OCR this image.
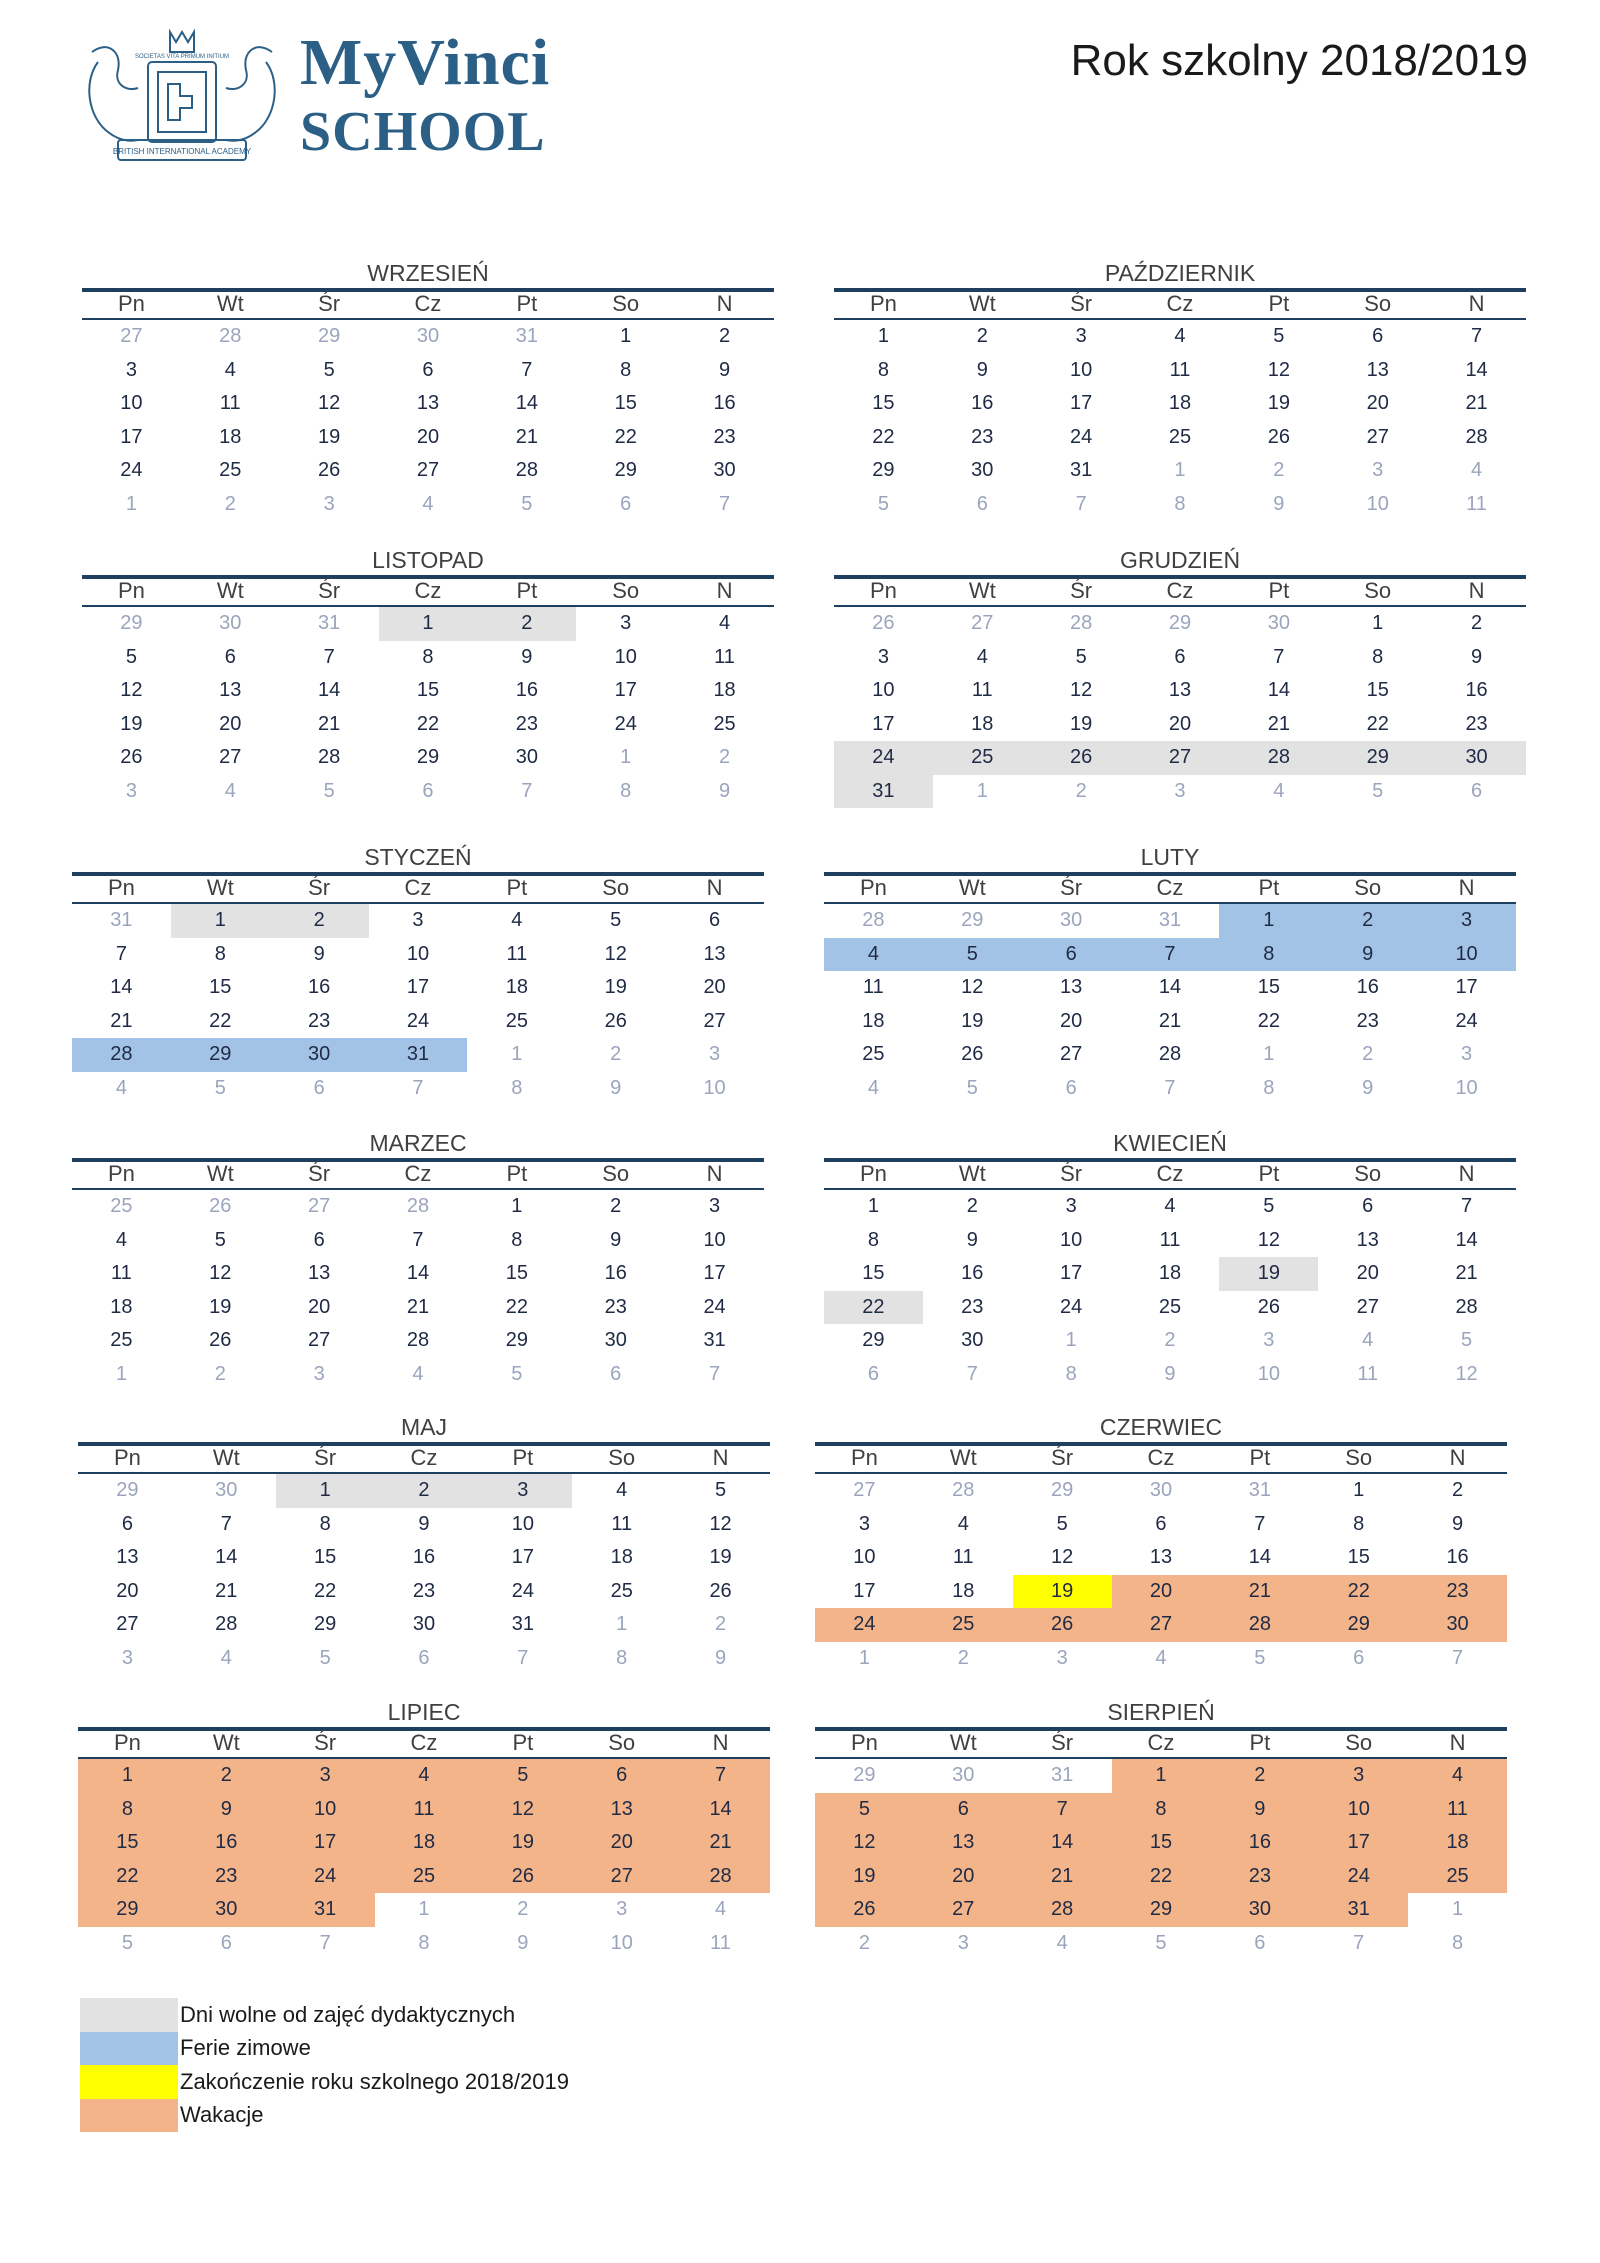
SOCIETAS VITA PRIMUM INITIUM
BRITISH INTERNATIONAL ACADEMY
MyVinci
SCHOOL
Rok szkolny 2018/2019
WRZESIEŃ
Pn	Wt	Śr	Cz	Pt	So	N
27	28	29	30	31	1	2
3	4	5	6	7	8	9
10	11	12	13	14	15	16
17	18	19	20	21	22	23
24	25	26	27	28	29	30
1	2	3	4	5	6	7
PAŹDZIERNIK
Pn	Wt	Śr	Cz	Pt	So	N
1	2	3	4	5	6	7
8	9	10	11	12	13	14
15	16	17	18	19	20	21
22	23	24	25	26	27	28
29	30	31	1	2	3	4
5	6	7	8	9	10	11
LISTOPAD
Pn	Wt	Śr	Cz	Pt	So	N
29	30	31	1	2	3	4
5	6	7	8	9	10	11
12	13	14	15	16	17	18
19	20	21	22	23	24	25
26	27	28	29	30	1	2
3	4	5	6	7	8	9
GRUDZIEŃ
Pn	Wt	Śr	Cz	Pt	So	N
26	27	28	29	30	1	2
3	4	5	6	7	8	9
10	11	12	13	14	15	16
17	18	19	20	21	22	23
24	25	26	27	28	29	30
31	1	2	3	4	5	6
STYCZEŃ
Pn	Wt	Śr	Cz	Pt	So	N
31	1	2	3	4	5	6
7	8	9	10	11	12	13
14	15	16	17	18	19	20
21	22	23	24	25	26	27
28	29	30	31	1	2	3
4	5	6	7	8	9	10
LUTY
Pn	Wt	Śr	Cz	Pt	So	N
28	29	30	31	1	2	3
4	5	6	7	8	9	10
11	12	13	14	15	16	17
18	19	20	21	22	23	24
25	26	27	28	1	2	3
4	5	6	7	8	9	10
MARZEC
Pn	Wt	Śr	Cz	Pt	So	N
25	26	27	28	1	2	3
4	5	6	7	8	9	10
11	12	13	14	15	16	17
18	19	20	21	22	23	24
25	26	27	28	29	30	31
1	2	3	4	5	6	7
KWIECIEŃ
Pn	Wt	Śr	Cz	Pt	So	N
1	2	3	4	5	6	7
8	9	10	11	12	13	14
15	16	17	18	19	20	21
22	23	24	25	26	27	28
29	30	1	2	3	4	5
6	7	8	9	10	11	12
MAJ
Pn	Wt	Śr	Cz	Pt	So	N
29	30	1	2	3	4	5
6	7	8	9	10	11	12
13	14	15	16	17	18	19
20	21	22	23	24	25	26
27	28	29	30	31	1	2
3	4	5	6	7	8	9
CZERWIEC
Pn	Wt	Śr	Cz	Pt	So	N
27	28	29	30	31	1	2
3	4	5	6	7	8	9
10	11	12	13	14	15	16
17	18	19	20	21	22	23
24	25	26	27	28	29	30
1	2	3	4	5	6	7
LIPIEC
Pn	Wt	Śr	Cz	Pt	So	N
1	2	3	4	5	6	7
8	9	10	11	12	13	14
15	16	17	18	19	20	21
22	23	24	25	26	27	28
29	30	31	1	2	3	4
5	6	7	8	9	10	11
SIERPIEŃ
Pn	Wt	Śr	Cz	Pt	So	N
29	30	31	1	2	3	4
5	6	7	8	9	10	11
12	13	14	15	16	17	18
19	20	21	22	23	24	25
26	27	28	29	30	31	1
2	3	4	5	6	7	8
Dni wolne od zajęć dydaktycznych
Ferie zimowe
Zakończenie roku szkolnego 2018/2019
Wakacje
